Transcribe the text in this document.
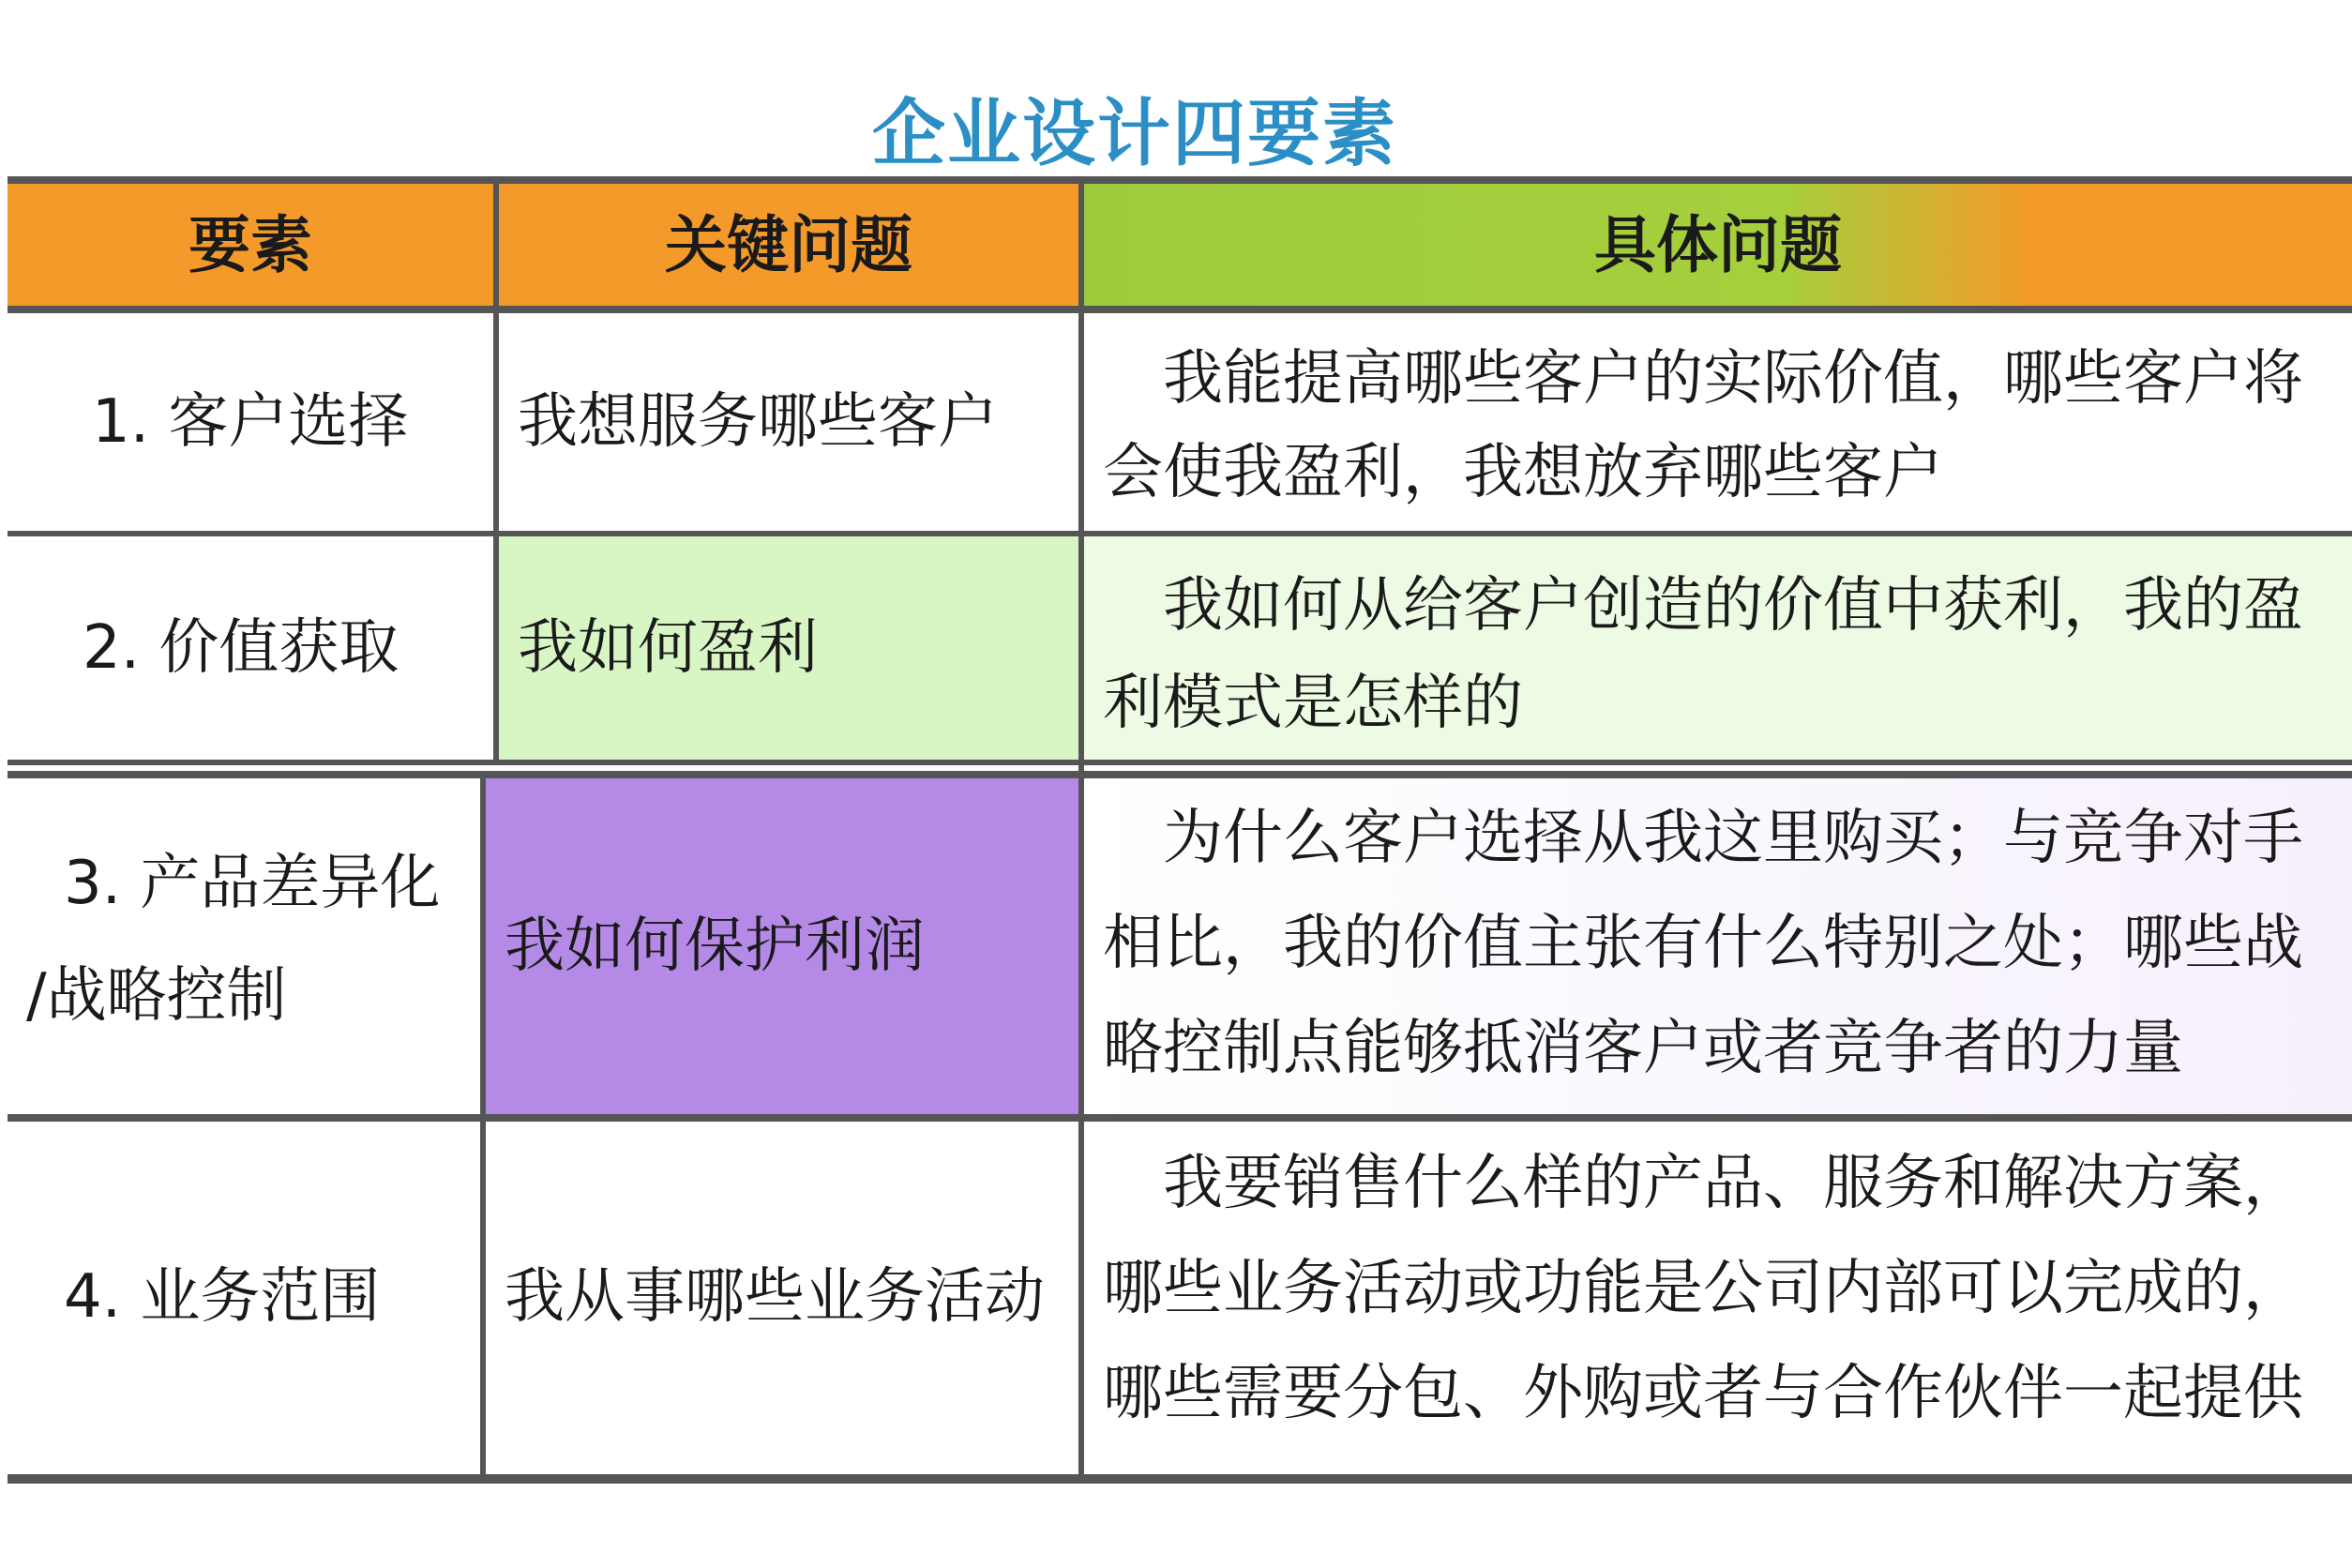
企业设计四要素
要素	关键问题	具体问题
1. 客户选择 我想服务哪些客户
我能提高哪些客户的实际价值，哪些客户将会使我盈利，我想放弃哪些客户
2. 价值获取 我如何盈利
我如何从给客户创造的价值中获利，我的盈利模式是怎样的
3. 产品差异化
/战略控制
我如何保护利润
为什么客户选择从我这里购买；与竞争对手相比，我的价值主张有什么特别之处；哪些战略控制点能够抵消客户或者竞争者的力量
4. 业务范围 我从事哪些业务活动
我要销售什么样的产品、服务和解决方案，哪些业务活动或功能是公司内部可以完成的，哪些需要分包、外购或者与合作伙伴一起提供
